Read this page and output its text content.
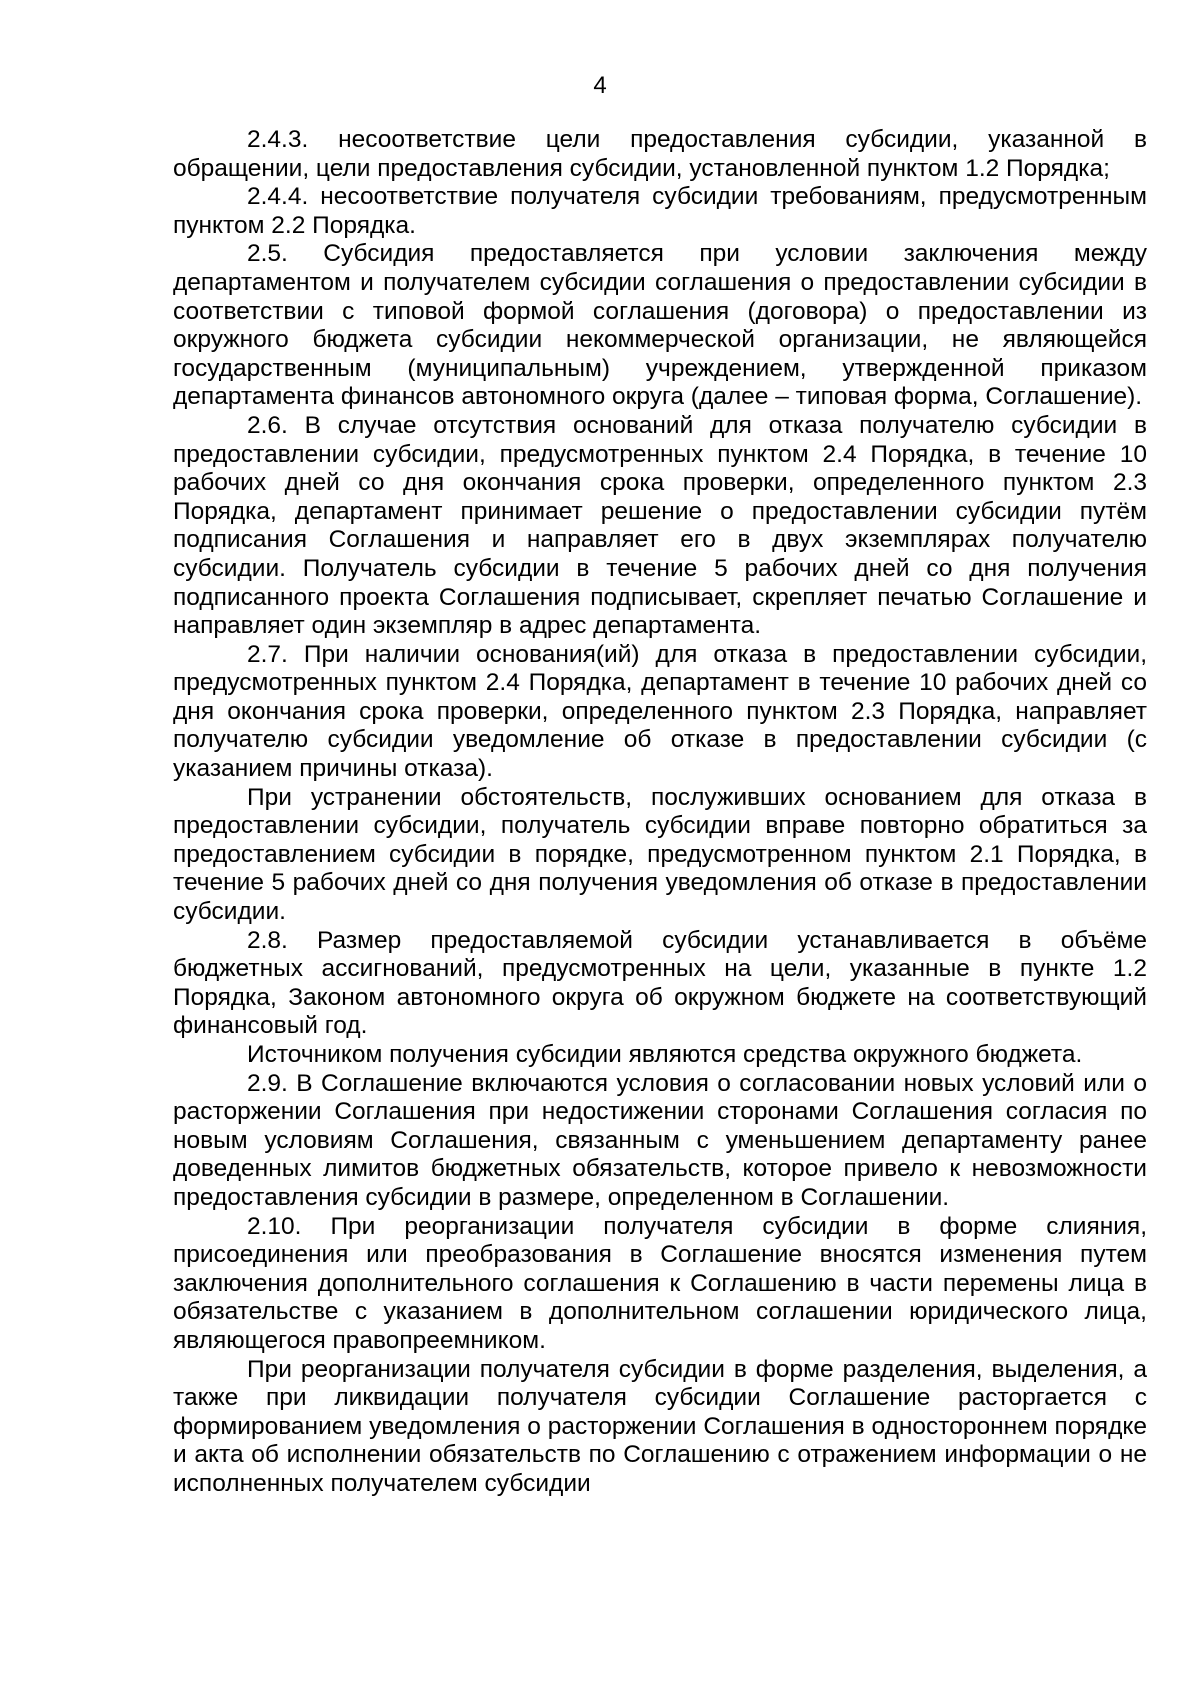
4

2.4.3. несоответствие цели предоставления субсидии, указанной в обращении, цели предоставления субсидии, установленной пунктом 1.2 Порядка;

2.4.4. несоответствие получателя субсидии требованиям, предусмотренным пунктом 2.2 Порядка.

2.5. Субсидия предоставляется при условии заключения между департаментом и получателем субсидии соглашения о предоставлении субсидии в соответствии с типовой формой соглашения (договора) о предоставлении из окружного бюджета субсидии некоммерческой организации, не являющейся государственным (муниципальным) учреждением, утвержденной приказом департамента финансов автономного округа (далее – типовая форма, Соглашение).

2.6. В случае отсутствия оснований для отказа получателю субсидии в предоставлении субсидии, предусмотренных пунктом 2.4 Порядка, в течение 10 рабочих дней со дня окончания срока проверки, определенного пунктом 2.3 Порядка, департамент принимает решение о предоставлении субсидии путём подписания Соглашения и направляет его в двух экземплярах получателю субсидии. Получатель субсидии в течение 5 рабочих дней со дня получения подписанного проекта Соглашения подписывает, скрепляет печатью Соглашение и направляет один экземпляр в адрес департамента.

2.7. При наличии основания(ий) для отказа в предоставлении субсидии, предусмотренных пунктом 2.4 Порядка, департамент в течение 10 рабочих дней со дня окончания срока проверки, определенного пунктом 2.3 Порядка, направляет получателю субсидии уведомление об отказе в предоставлении субсидии (с указанием причины отказа).

При устранении обстоятельств, послуживших основанием для отказа в предоставлении субсидии, получатель субсидии вправе повторно обратиться за предоставлением субсидии в порядке, предусмотренном пунктом 2.1 Порядка, в течение 5 рабочих дней со дня получения уведомления об отказе в предоставлении субсидии.

2.8. Размер предоставляемой субсидии устанавливается в объёме бюджетных ассигнований, предусмотренных на цели, указанные в пункте 1.2 Порядка, Законом автономного округа об окружном бюджете на соответствующий финансовый год.

Источником получения субсидии являются средства окружного бюджета.

2.9. В Соглашение включаются условия о согласовании новых условий или о расторжении Соглашения при недостижении сторонами Соглашения согласия по новым условиям Соглашения, связанным с уменьшением департаменту ранее доведенных лимитов бюджетных обязательств, которое привело к невозможности предоставления субсидии в размере, определенном в Соглашении.

2.10. При реорганизации получателя субсидии в форме слияния, присоединения или преобразования в Соглашение вносятся изменения путем заключения дополнительного соглашения к Соглашению в части перемены лица в обязательстве с указанием в дополнительном соглашении юридического лица, являющегося правопреемником.

При реорганизации получателя субсидии в форме разделения, выделения, а также при ликвидации получателя субсидии Соглашение расторгается с формированием уведомления о расторжении Соглашения в одностороннем порядке и акта об исполнении обязательств по Соглашению с отражением информации о не исполненных получателем субсидии
